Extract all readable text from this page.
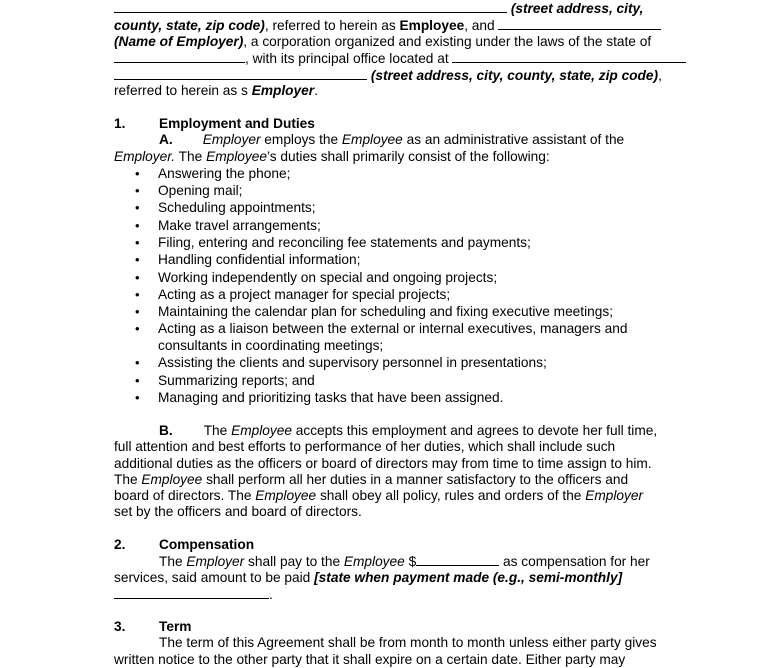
(street address, city,
county, state, zip code), referred to herein as Employee, and
(Name of Employer), a corporation organized and existing under the laws of the state of
, with its principal office located at
(street address, city, county, state, zip code),
referred to herein as s Employer.
1. Employment and Duties
A. Employer employs the Employee as an administrative assistant of the
Employer. The Employee’s duties shall primarily consist of the following:
• Answering the phone;
• Opening mail;
• Scheduling appointments;
• Make travel arrangements;
• Filing, entering and reconciling fee statements and payments;
• Handling confidential information;
• Working independently on special and ongoing projects;
• Acting as a project manager for special projects;
• Maintaining the calendar plan for scheduling and fixing executive meetings;
• Acting as a liaison between the external or internal executives, managers and
consultants in coordinating meetings;
• Assisting the clients and supervisory personnel in presentations;
• Summarizing reports; and
• Managing and prioritizing tasks that have been assigned.
B. The Employee accepts this employment and agrees to devote her full time,
full attention and best efforts to performance of her duties, which shall include such
additional duties as the officers or board of directors may from time to time assign to him.
The Employee shall perform all her duties in a manner satisfactory to the officers and
board of directors. The Employee shall obey all policy, rules and orders of the Employer
set by the officers and board of directors.
2. Compensation
The Employer shall pay to the Employee $	as compensation for her
services, said amount to be paid [state when payment made (e.g., semi-monthly]
.
3. Term
The term of this Agreement shall be from month to month unless either party gives
written notice to the other party that it shall expire on a certain date. Either party may
